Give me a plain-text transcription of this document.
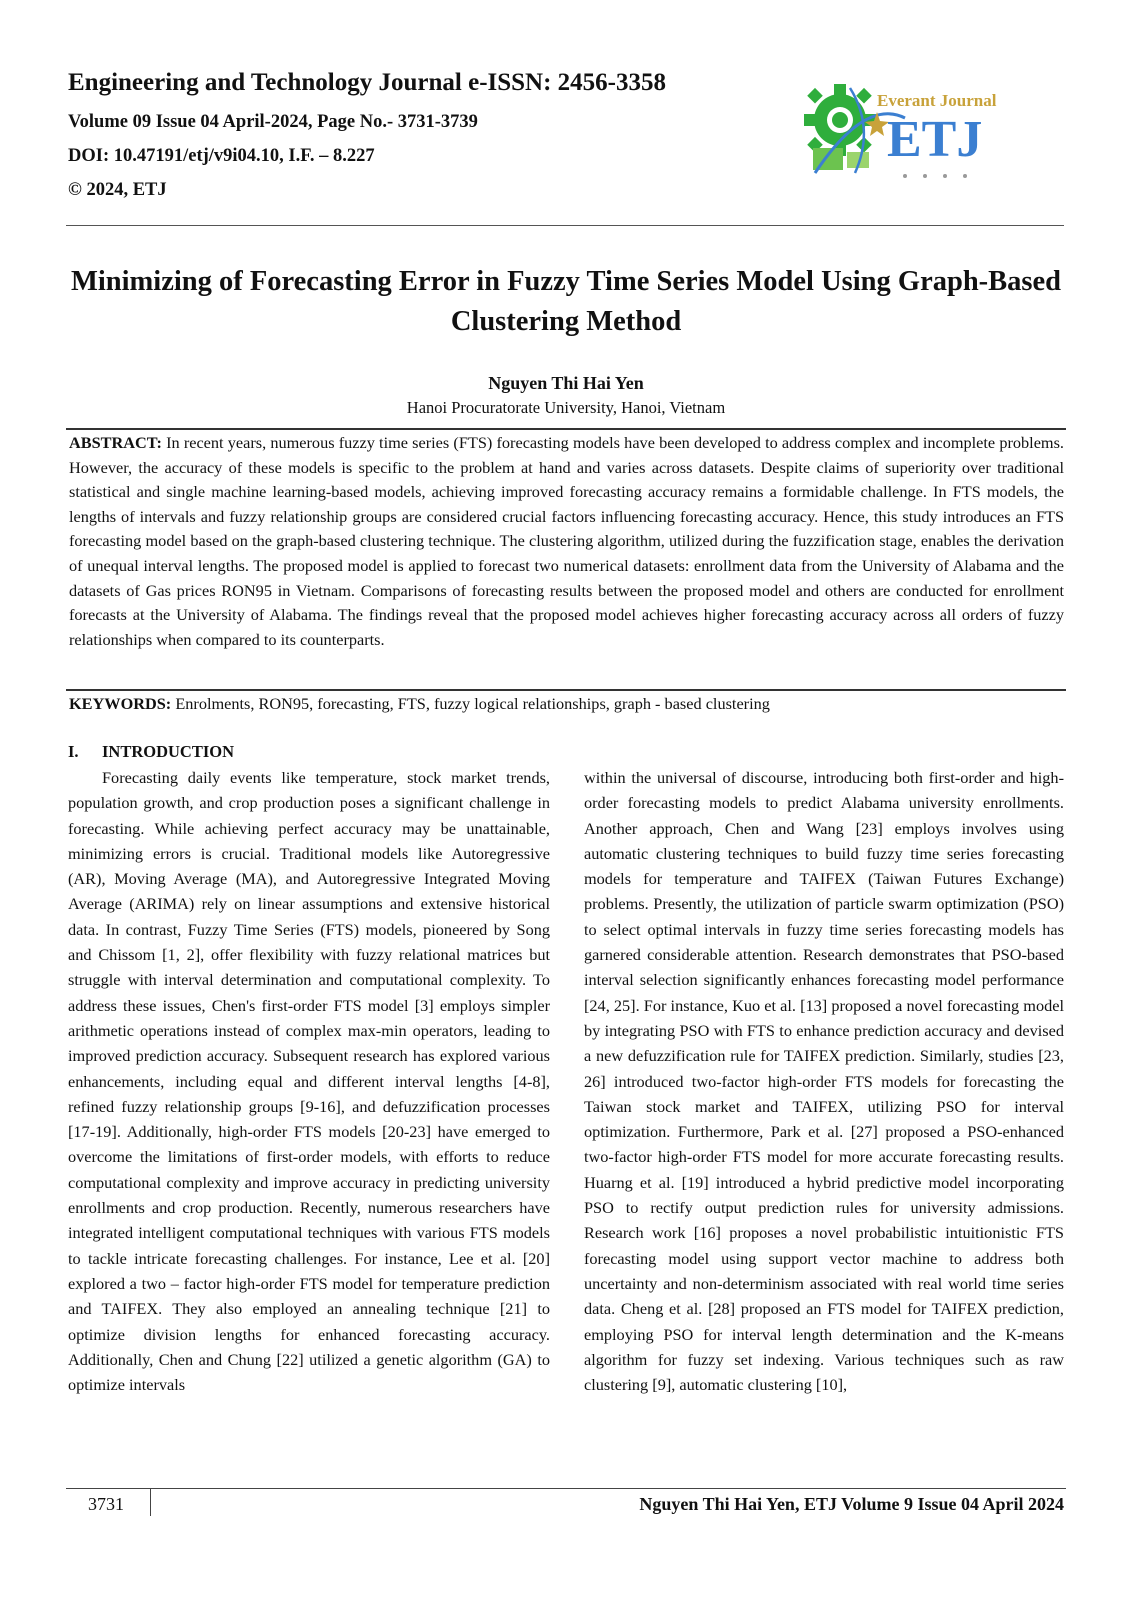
Engineering and Technology Journal e-ISSN: 2456-3358
Volume 09 Issue 04 April-2024, Page No.- 3731-3739
DOI: 10.47191/etj/v9i04.10, I.F. – 8.227
© 2024, ETJ
Everant Journal
ETJ
Minimizing of Forecasting Error in Fuzzy Time Series Model Using Graph-Based Clustering Method
Nguyen Thi Hai Yen
Hanoi Procuratorate University, Hanoi, Vietnam
ABSTRACT: In recent years, numerous fuzzy time series (FTS) forecasting models have been developed to address complex and incomplete problems. However, the accuracy of these models is specific to the problem at hand and varies across datasets. Despite claims of superiority over traditional statistical and single machine learning-based models, achieving improved forecasting accuracy remains a formidable challenge. In FTS models, the lengths of intervals and fuzzy relationship groups are considered crucial factors influencing forecasting accuracy. Hence, this study introduces an FTS forecasting model based on the graph-based clustering technique. The clustering algorithm, utilized during the fuzzification stage, enables the derivation of unequal interval lengths. The proposed model is applied to forecast two numerical datasets: enrollment data from the University of Alabama and the datasets of Gas prices RON95 in Vietnam. Comparisons of forecasting results between the proposed model and others are conducted for enrollment forecasts at the University of Alabama. The findings reveal that the proposed model achieves higher forecasting accuracy across all orders of fuzzy relationships when compared to its counterparts.
KEYWORDS: Enrolments, RON95, forecasting, FTS, fuzzy logical relationships, graph - based clustering
I. INTRODUCTION

Forecasting daily events like temperature, stock market trends, population growth, and crop production poses a significant challenge in forecasting. While achieving perfect accuracy may be unattainable, minimizing errors is crucial. Traditional models like Autoregressive (AR), Moving Average (MA), and Autoregressive Integrated Moving Average (ARIMA) rely on linear assumptions and extensive historical data. In contrast, Fuzzy Time Series (FTS) models, pioneered by Song and Chissom [1, 2], offer flexibility with fuzzy relational matrices but struggle with interval determination and computational complexity. To address these issues, Chen's first-order FTS model [3] employs simpler arithmetic operations instead of complex max-min operators, leading to improved prediction accuracy. Subsequent research has explored various enhancements, including equal and different interval lengths [4-8], refined fuzzy relationship groups [9-16], and defuzzification processes [17-19]. Additionally, high-order FTS models [20-23] have emerged to overcome the limitations of first-order models, with efforts to reduce computational complexity and improve accuracy in predicting university enrollments and crop production. Recently, numerous researchers have integrated intelligent computational techniques with various FTS models to tackle intricate forecasting challenges. For instance, Lee et al. [20] explored a two – factor high-order FTS model for temperature prediction and TAIFEX. They also employed an annealing technique [21] to optimize division lengths for enhanced forecasting accuracy. Additionally, Chen and Chung [22] utilized a genetic algorithm (GA) to optimize intervals

within the universal of discourse, introducing both first-order and high-order forecasting models to predict Alabama university enrollments. Another approach, Chen and Wang [23] employs involves using automatic clustering techniques to build fuzzy time series forecasting models for temperature and TAIFEX (Taiwan Futures Exchange) problems. Presently, the utilization of particle swarm optimization (PSO) to select optimal intervals in fuzzy time series forecasting models has garnered considerable attention. Research demonstrates that PSO-based interval selection significantly enhances forecasting model performance [24, 25]. For instance, Kuo et al. [13] proposed a novel forecasting model by integrating PSO with FTS to enhance prediction accuracy and devised a new defuzzification rule for TAIFEX prediction. Similarly, studies [23, 26] introduced two-factor high-order FTS models for forecasting the Taiwan stock market and TAIFEX, utilizing PSO for interval optimization. Furthermore, Park et al. [27] proposed a PSO-enhanced two-factor high-order FTS model for more accurate forecasting results. Huarng et al. [19] introduced a hybrid predictive model incorporating PSO to rectify output prediction rules for university admissions. Research work [16] proposes a novel probabilistic intuitionistic FTS forecasting model using support vector machine to address both uncertainty and non-determinism associated with real world time series data. Cheng et al. [28] proposed an FTS model for TAIFEX prediction, employing PSO for interval length determination and the K-means algorithm for fuzzy set indexing. Various techniques such as raw clustering [9], automatic clustering [10],

3731	Nguyen Thi Hai Yen, ETJ Volume 9 Issue 04 April 2024
